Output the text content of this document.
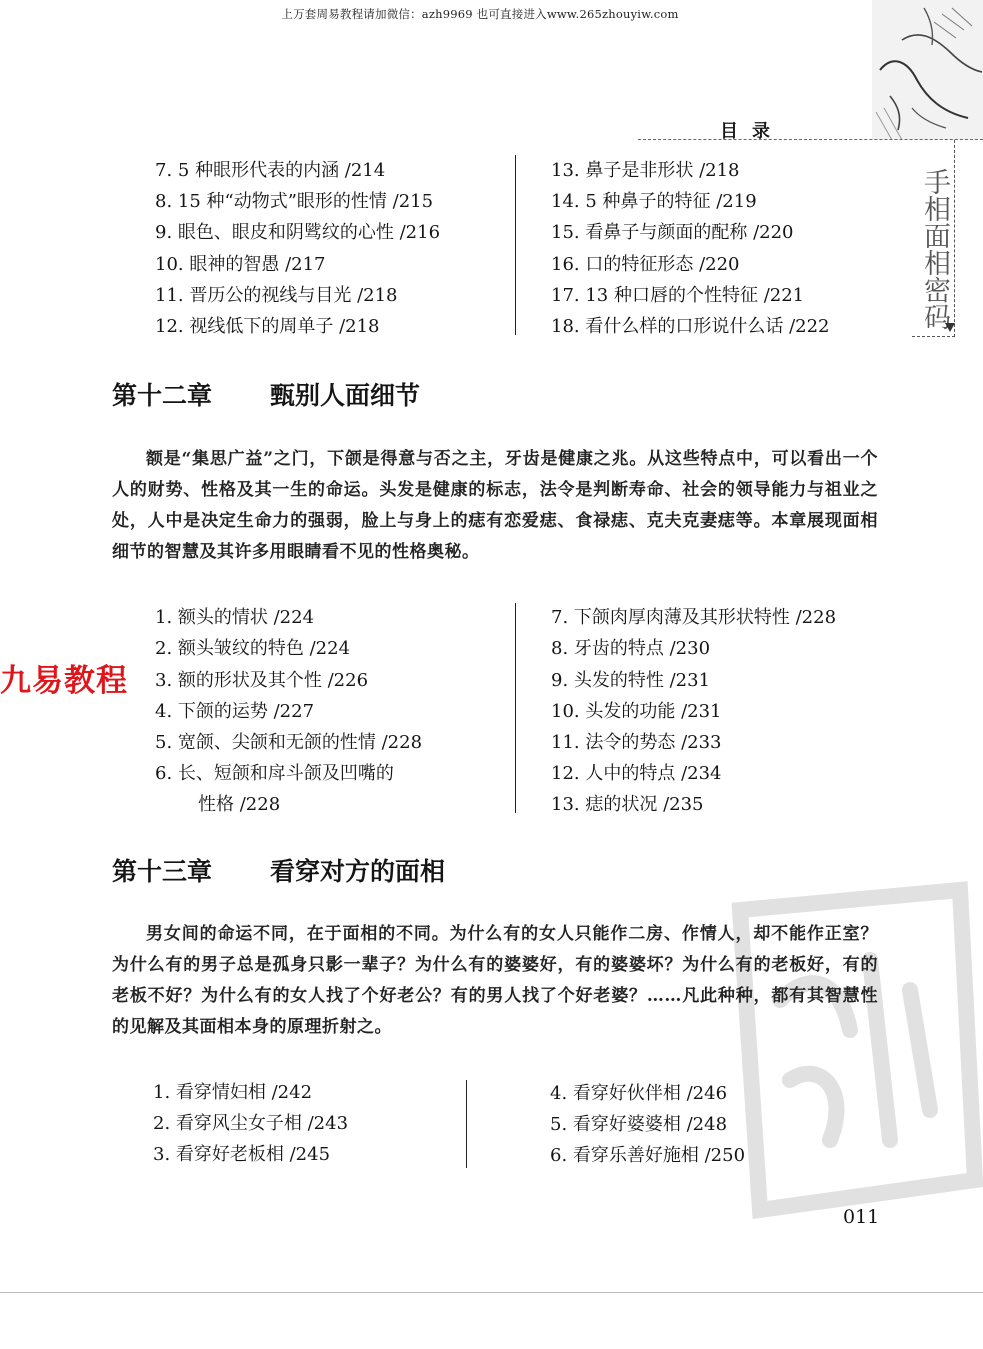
上万套周易教程请加微信：azh9969 也可直接进入www.265zhouyiw.com
目录
手相面相密码
7. 5 种眼形代表的内涵 /214
8. 15 种“动物式”眼形的性情 /215
9. 眼色、眼皮和阴骘纹的心性 /216
10. 眼神的智愚 /217
11. 晋历公的视线与目光 /218
12. 视线低下的周单子 /218
13. 鼻子是非形状 /218
14. 5 种鼻子的特征 /219
15. 看鼻子与颜面的配称 /220
16. 口的特征形态 /220
17. 13 种口唇的个性特征 /221
18. 看什么样的口形说什么话 /222
第十二章 甄别人面细节

额是“集思广益”之门，下颌是得意与否之主，牙齿是健康之兆。从这些特点中，可以看出一个人的财势、性格及其一生的命运。头发是健康的标志，法令是判断寿命、社会的领导能力与祖业之处，人中是决定生命力的强弱，脸上与身上的痣有恋爱痣、食禄痣、克夫克妻痣等。本章展现面相细节的智慧及其许多用眼睛看不见的性格奥秘。

1. 额头的情状 /224
2. 额头皱纹的特色 /224
3. 额的形状及其个性 /226
4. 下颌的运势 /227
5. 宽颌、尖颌和无颌的性情 /228
6. 长、短颌和戽斗颌及凹嘴的
性格 /228
7. 下颌肉厚肉薄及其形状特性 /228
8. 牙齿的特点 /230
9. 头发的特性 /231
10. 头发的功能 /231
11. 法令的势态 /233
12. 人中的特点 /234
13. 痣的状况 /235
九易教程
第十三章 看穿对方的面相

男女间的命运不同，在于面相的不同。为什么有的女人只能作二房、作情人，却不能作正室？为什么有的男子总是孤身只影一辈子？为什么有的婆婆好，有的婆婆坏？为什么有的老板好，有的老板不好？为什么有的女人找了个好老公？有的男人找了个好老婆？……凡此种种，都有其智慧性的见解及其面相本身的原理折射之。

1. 看穿情妇相 /242
2. 看穿风尘女子相 /243
3. 看穿好老板相 /245
4. 看穿好伙伴相 /246
5. 看穿好婆婆相 /248
6. 看穿乐善好施相 /250
011
